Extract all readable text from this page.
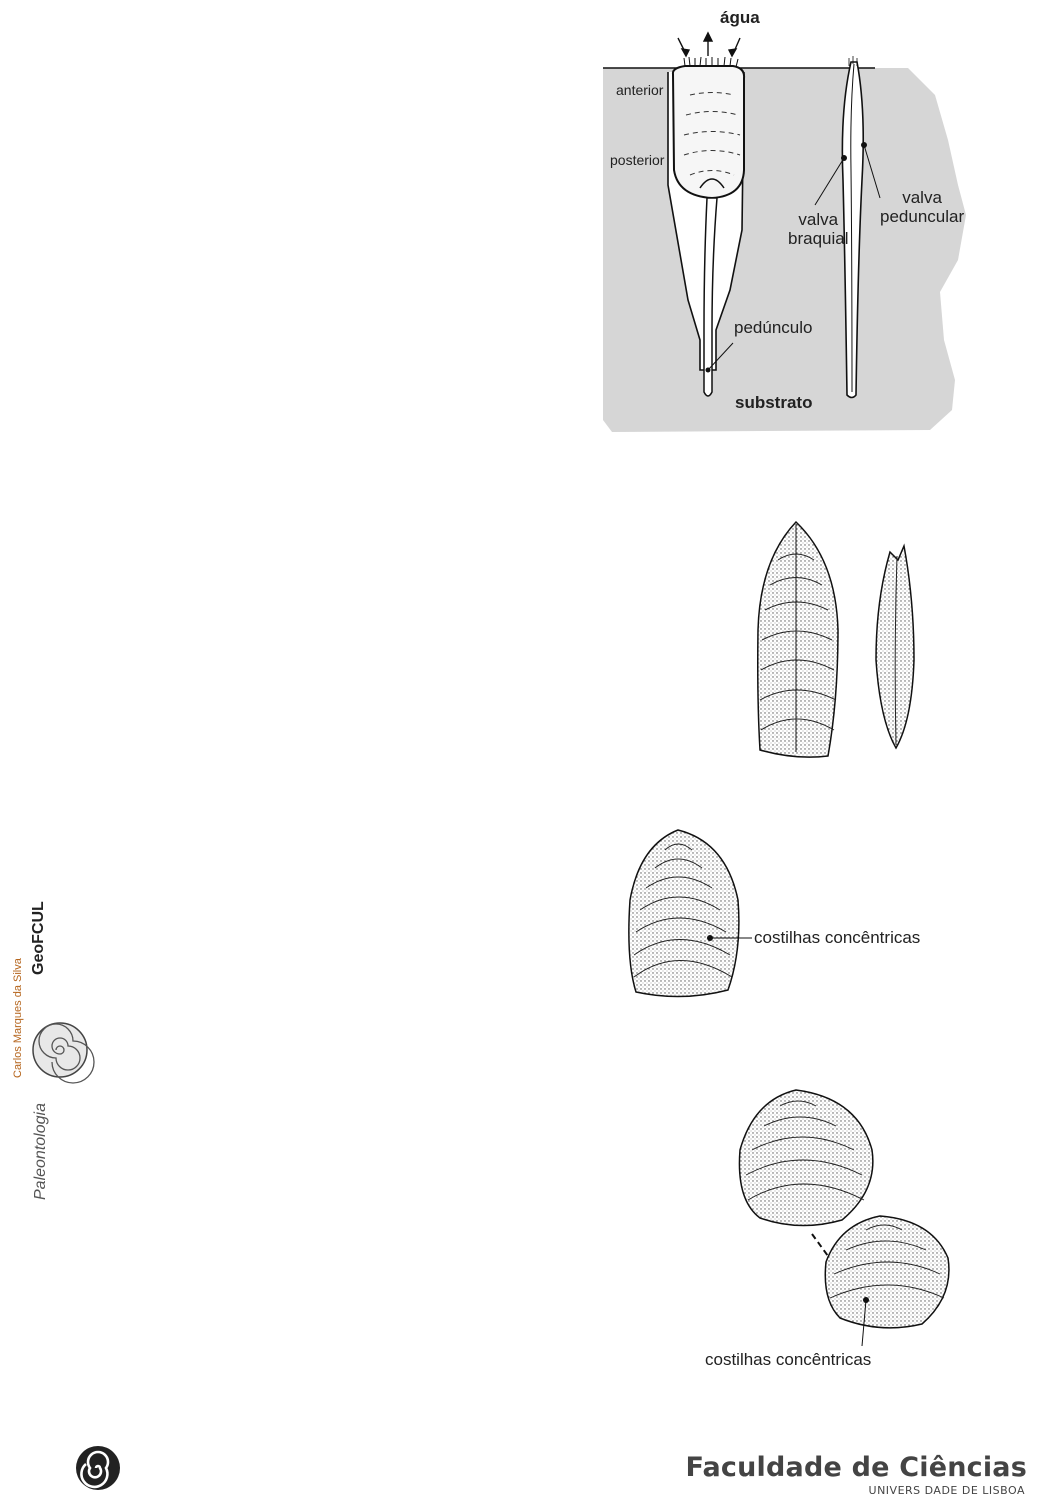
água
anterior
posterior
valva
braquial
valva
peduncular
pedúnculo
substrato
costilhas concêntricas
costilhas concêntricas
Paleontologia
Carlos Marques da Silva
GeoFCUL
Faculdade de Ciências
UNIVERS DADE DE LISBOA
